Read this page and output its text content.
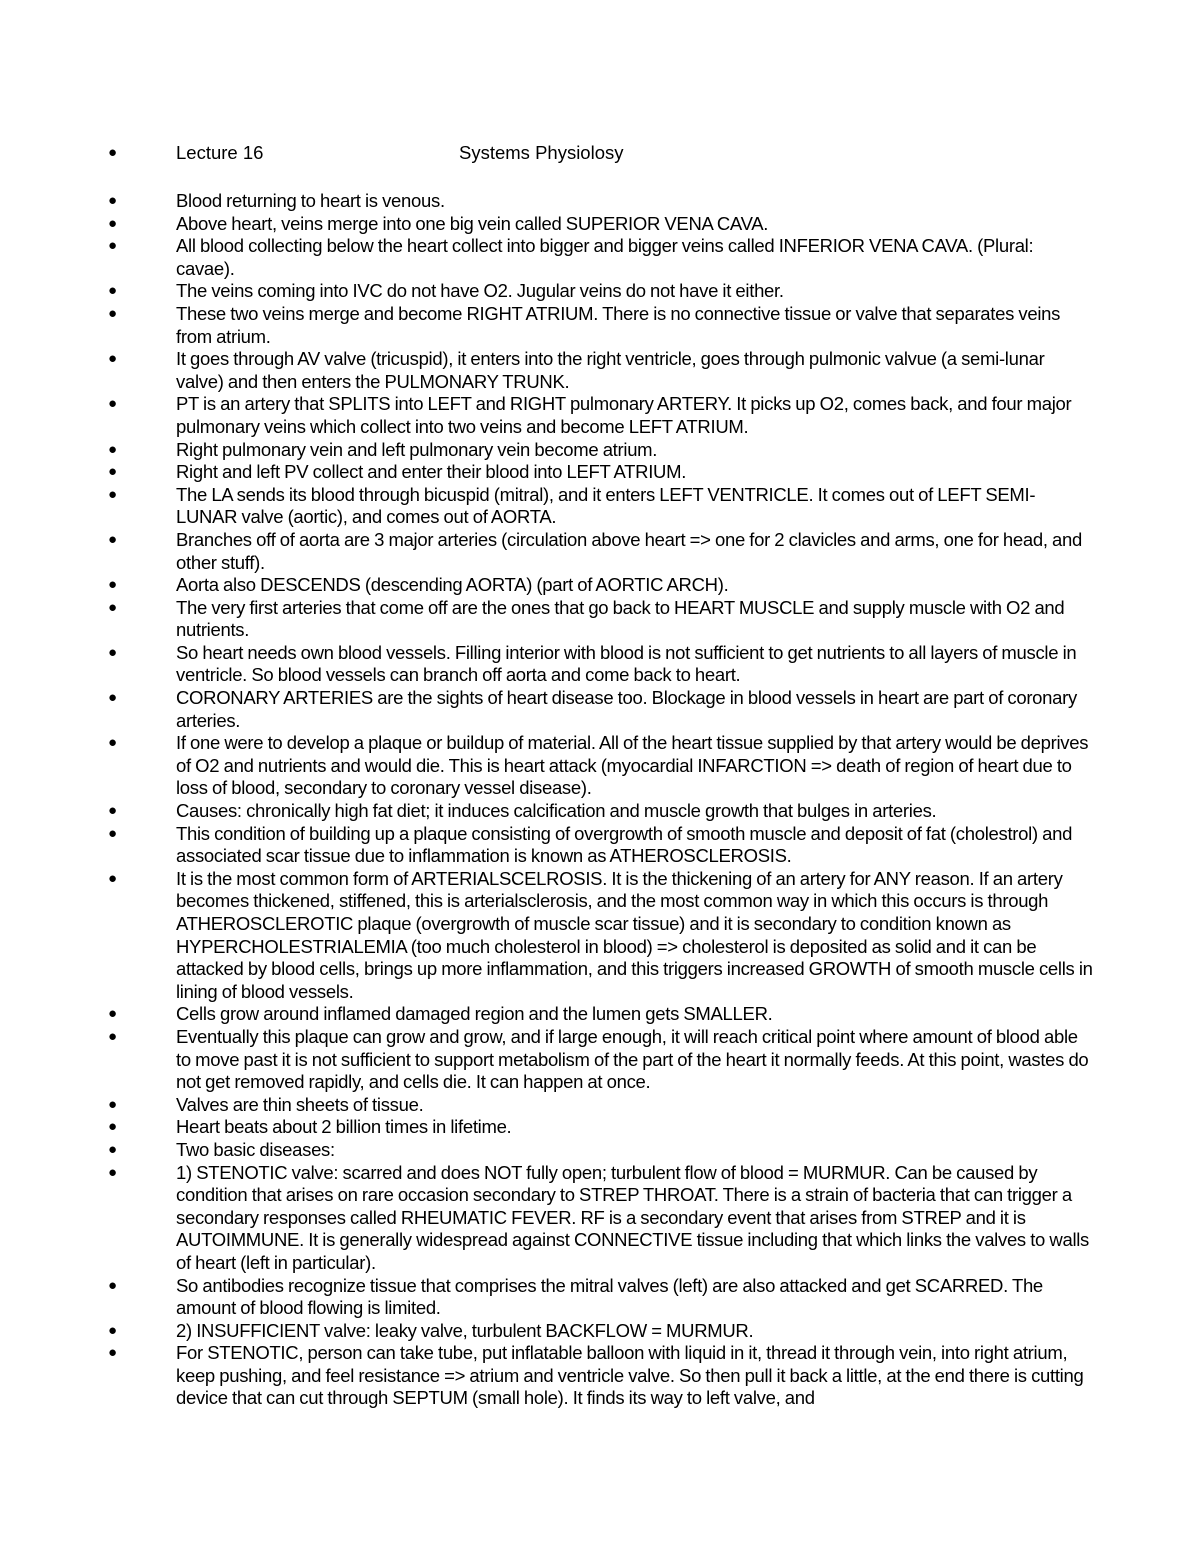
●	Lecture 16	Systems Physiolosy
●	Blood returning to heart is venous.
●	Above heart, veins merge into one big vein called SUPERIOR VENA CAVA.
●	All blood collecting below the heart collect into bigger and bigger veins called INFERIOR VENA CAVA. (Plural: cavae).
●	The veins coming into IVC do not have O2. Jugular veins do not have it either.
●	These two veins merge and become RIGHT ATRIUM. There is no connective tissue or valve that separates veins from atrium.
●	It goes through AV valve (tricuspid), it enters into the right ventricle, goes through pulmonic valvue (a semi-lunar valve) and then enters the PULMONARY TRUNK.
●	PT is an artery that SPLITS into LEFT and RIGHT pulmonary ARTERY. It picks up O2, comes back, and four major pulmonary veins which collect into two veins and become LEFT ATRIUM.
●	Right pulmonary vein and left pulmonary vein become atrium.
●	Right and left PV collect and enter their blood into LEFT ATRIUM.
●	The LA sends its blood through bicuspid (mitral), and it enters LEFT VENTRICLE. It comes out of LEFT SEMI-LUNAR valve (aortic), and comes out of AORTA.
●	Branches off of aorta are 3 major arteries (circulation above heart => one for 2 clavicles and arms, one for head, and other stuff).
●	Aorta also DESCENDS (descending AORTA) (part of AORTIC ARCH).
●	The very first arteries that come off are the ones that go back to HEART MUSCLE and supply muscle with O2 and nutrients.
●	So heart needs own blood vessels. Filling interior with blood is not sufficient to get nutrients to all layers of muscle in ventricle. So blood vessels can branch off aorta and come back to heart.
●	CORONARY ARTERIES are the sights of heart disease too. Blockage in blood vessels in heart are part of coronary arteries.
●	If one were to develop a plaque or buildup of material. All of the heart tissue supplied by that artery would be deprives of O2 and nutrients and would die. This is heart attack (myocardial INFARCTION => death of region of heart due to loss of blood, secondary to coronary vessel disease).
●	Causes: chronically high fat diet; it induces calcification and muscle growth that bulges in arteries.
●	This condition of building up a plaque consisting of overgrowth of smooth muscle and deposit of fat (cholestrol) and associated scar tissue due to inflammation is known as ATHEROSCLEROSIS.
●	It is the most common form of ARTERIALSCELROSIS. It is the thickening of an artery for ANY reason. If an artery becomes thickened, stiffened, this is arterialsclerosis, and the most common way in which this occurs is through ATHEROSCLEROTIC plaque (overgrowth of muscle scar tissue) and it is secondary to condition known as HYPERCHOLESTRIALEMIA (too much cholesterol in blood) => cholesterol is deposited as solid and it can be attacked by blood cells, brings up more inflammation, and this triggers increased GROWTH of smooth muscle cells in lining of blood vessels.
●	Cells grow around inflamed damaged region and the lumen gets SMALLER.
●	Eventually this plaque can grow and grow, and if large enough, it will reach critical point where amount of blood able to move past it is not sufficient to support metabolism of the part of the heart it normally feeds. At this point, wastes do not get removed rapidly, and cells die. It can happen at once.
●	Valves are thin sheets of tissue.
●	Heart beats about 2 billion times in lifetime.
●	Two basic diseases:
●	1) STENOTIC valve: scarred and does NOT fully open; turbulent flow of blood = MURMUR. Can be caused by condition that arises on rare occasion secondary to STREP THROAT. There is a strain of bacteria that can trigger a secondary responses called RHEUMATIC FEVER. RF is a secondary event that arises from STREP and it is AUTOIMMUNE. It is generally widespread against CONNECTIVE tissue including that which links the valves to walls of heart (left in particular).
●	So antibodies recognize tissue that comprises the mitral valves (left) are also attacked and get SCARRED. The amount of blood flowing is limited.
●	2) INSUFFICIENT valve: leaky valve, turbulent BACKFLOW = MURMUR.
●	For STENOTIC, person can take tube, put inflatable balloon with liquid in it, thread it through vein, into right atrium, keep pushing, and feel resistance => atrium and ventricle valve. So then pull it back a little, at the end there is cutting device that can cut through SEPTUM (small hole). It finds its way to left valve, and
